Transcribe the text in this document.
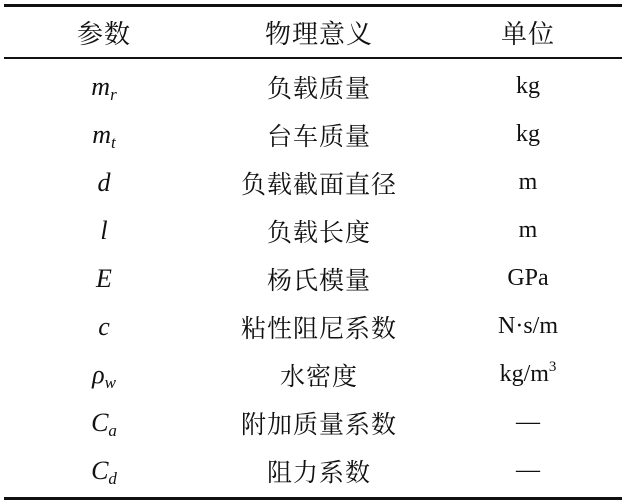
参数	物理意义	单位
$m_r$	负载质量	kg
$m_t$	台车质量	kg
d	负载截面直径	m
l	负载长度	m
E	杨氏模量	GPa
c	粘性阻尼系数	N·s/m
$\rho_w$	水密度	$kg/m^3$
$C_a$	附加质量系数	—
$C_d$	阻力系数	—
